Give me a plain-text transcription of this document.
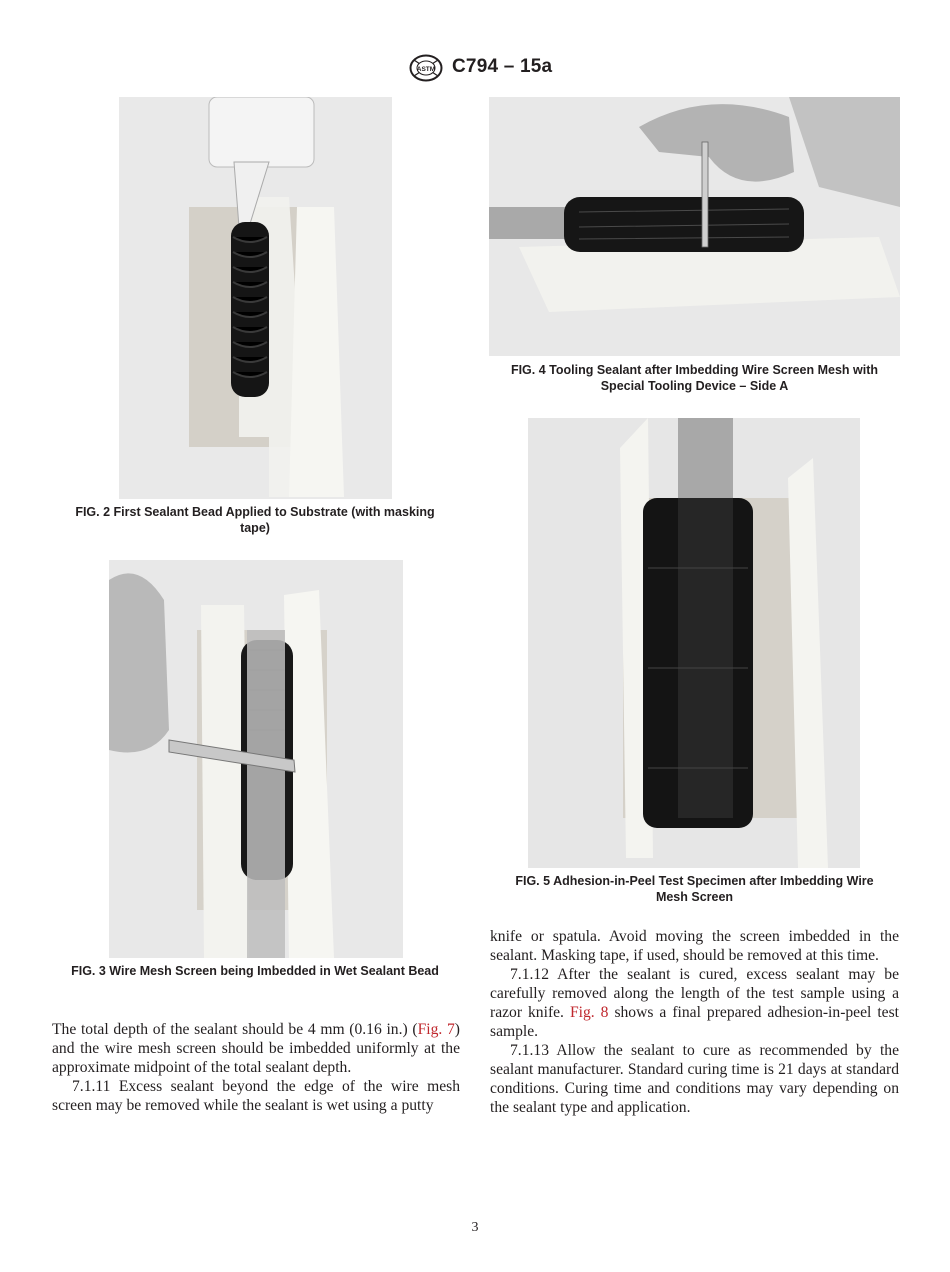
ASTM C794 – 15a
FIG. 2 First Sealant Bead Applied to Substrate (with masking
tape)
FIG. 3 Wire Mesh Screen being Imbedded in Wet Sealant Bead
FIG. 4 Tooling Sealant after Imbedding Wire Screen Mesh with
Special Tooling Device – Side A
FIG. 5 Adhesion-in-Peel Test Specimen after Imbedding Wire
Mesh Screen

The total depth of the sealant should be 4 mm (0.16 in.) (Fig. 7) and the wire mesh screen should be imbedded uniformly at the approximate midpoint of the total sealant depth.

7.1.11 Excess sealant beyond the edge of the wire mesh screen may be removed while the sealant is wet using a putty

knife or spatula. Avoid moving the screen imbedded in the sealant. Masking tape, if used, should be removed at this time.

7.1.12 After the sealant is cured, excess sealant may be carefully removed along the length of the test sample using a razor knife. Fig. 8 shows a final prepared adhesion-in-peel test sample.

7.1.13 Allow the sealant to cure as recommended by the sealant manufacturer. Standard curing time is 21 days at standard conditions. Curing time and conditions may vary depending on the sealant type and application.

3
